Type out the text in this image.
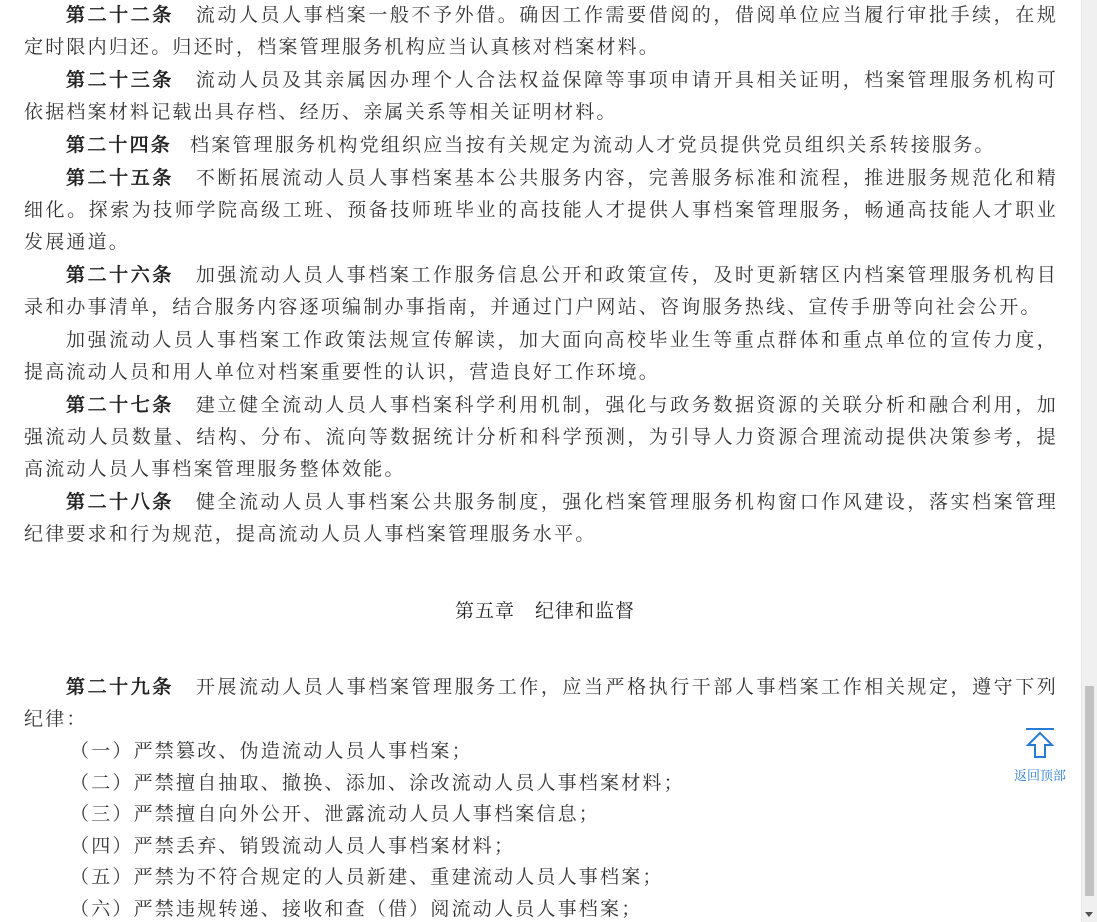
第二十二条 流动人员人事档案一般不予外借。确因工作需要借阅的，借阅单位应当履行审批手续，在规定时限内归还。归还时，档案管理服务机构应当认真核对档案材料。

第二十三条 流动人员及其亲属因办理个人合法权益保障等事项申请开具相关证明，档案管理服务机构可依据档案材料记载出具存档、经历、亲属关系等相关证明材料。

第二十四条 档案管理服务机构党组织应当按有关规定为流动人才党员提供党员组织关系转接服务。

第二十五条 不断拓展流动人员人事档案基本公共服务内容，完善服务标准和流程，推进服务规范化和精细化。探索为技师学院高级工班、预备技师班毕业的高技能人才提供人事档案管理服务，畅通高技能人才职业发展通道。

第二十六条 加强流动人员人事档案工作服务信息公开和政策宣传，及时更新辖区内档案管理服务机构目录和办事清单，结合服务内容逐项编制办事指南，并通过门户网站、咨询服务热线、宣传手册等向社会公开。

加强流动人员人事档案工作政策法规宣传解读，加大面向高校毕业生等重点群体和重点单位的宣传力度，提高流动人员和用人单位对档案重要性的认识，营造良好工作环境。

第二十七条 建立健全流动人员人事档案科学利用机制，强化与政务数据资源的关联分析和融合利用，加强流动人员数量、结构、分布、流向等数据统计分析和科学预测，为引导人力资源合理流动提供决策参考，提高流动人员人事档案管理服务整体效能。

第二十八条 健全流动人员人事档案公共服务制度，强化档案管理服务机构窗口作风建设，落实档案管理纪律要求和行为规范，提高流动人员人事档案管理服务水平。

第五章　纪律和监督

第二十九条 开展流动人员人事档案管理服务工作，应当严格执行干部人事档案工作相关规定，遵守下列纪律：

（一）严禁篡改、伪造流动人员人事档案；

（二）严禁擅自抽取、撤换、添加、涂改流动人员人事档案材料；

（三）严禁擅自向外公开、泄露流动人员人事档案信息；

（四）严禁丢弃、销毁流动人员人事档案材料；

（五）严禁为不符合规定的人员新建、重建流动人员人事档案；

（六）严禁违规转递、接收和查（借）阅流动人员人事档案；

返回顶部
